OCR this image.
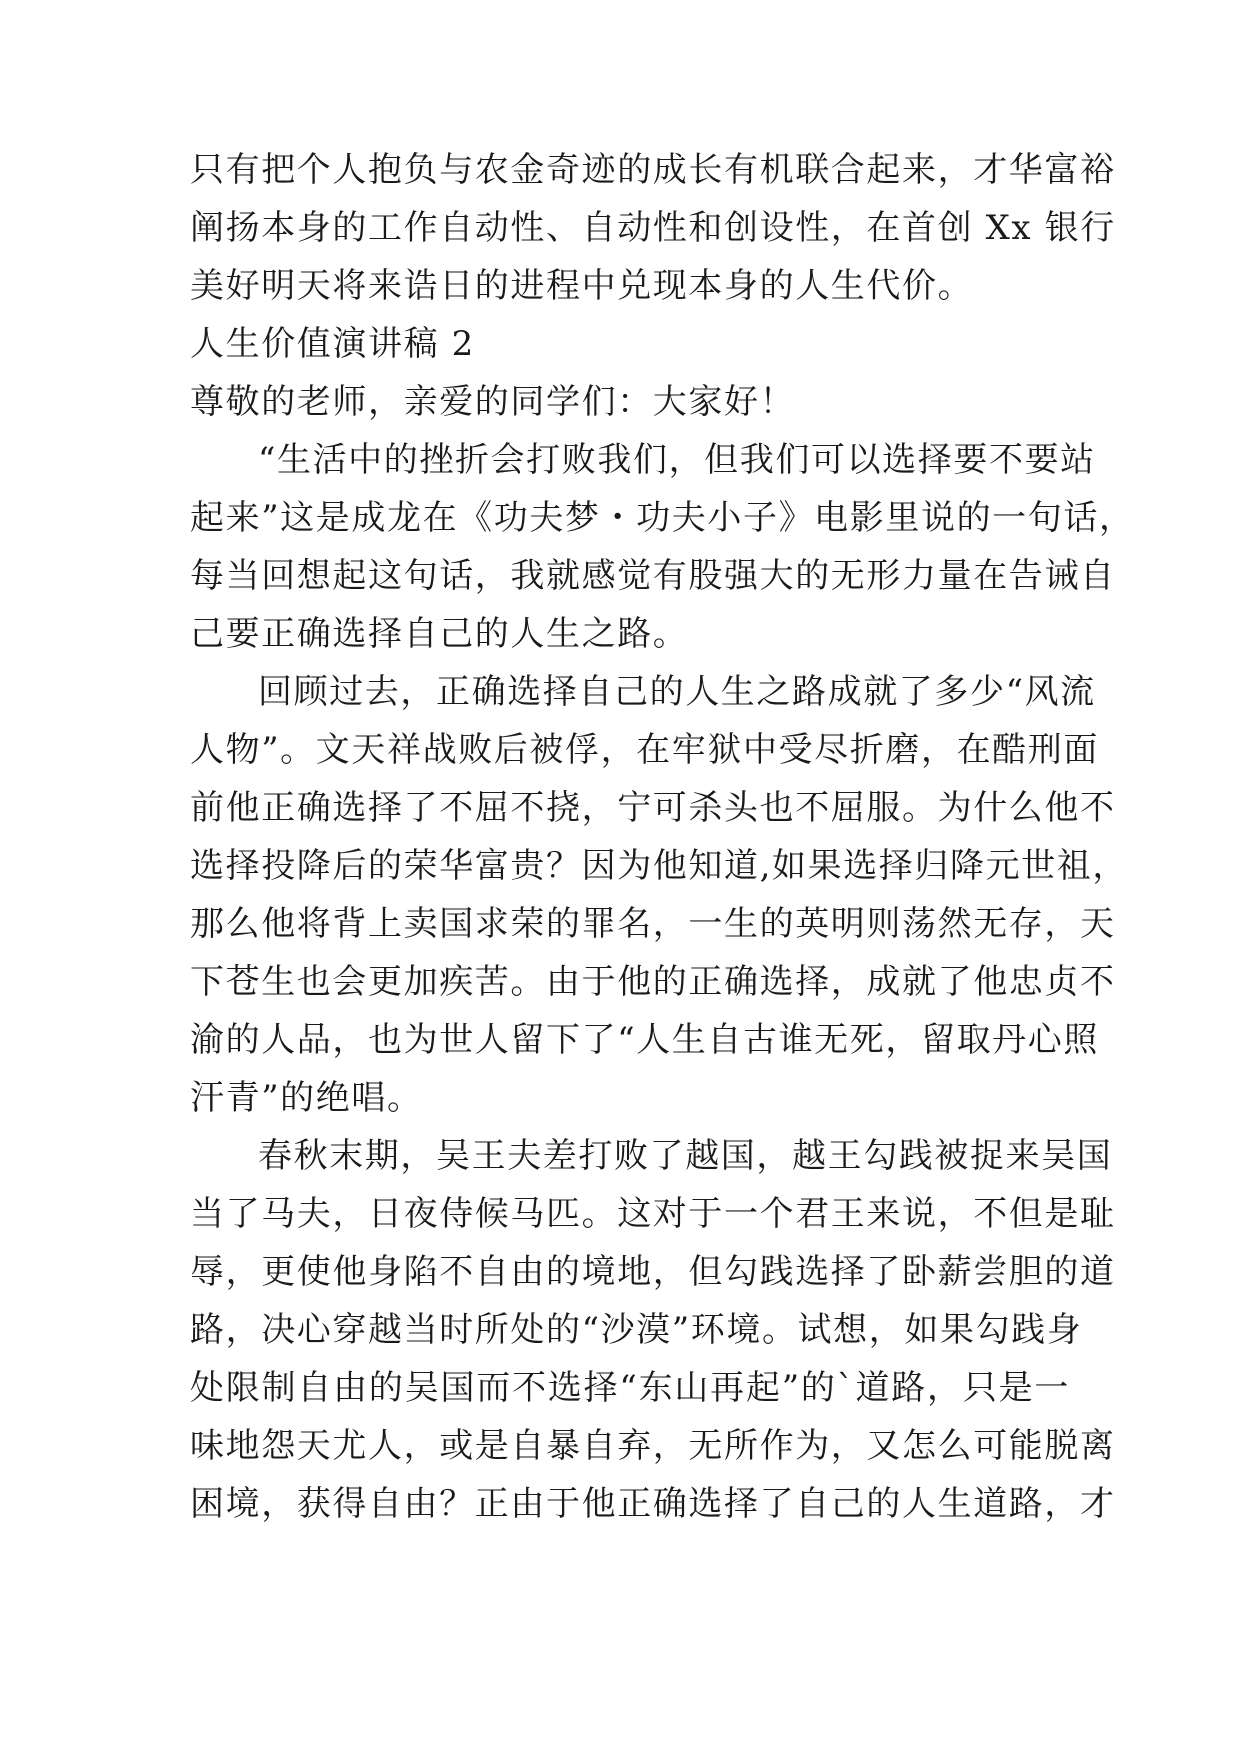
只有把个人抱负与农金奇迹的成长有机联合起来，才华富裕
阐扬本身的工作自动性、自动性和创设性，在首创 Xx 银行
美好明天将来诰日的进程中兑现本身的人生代价。
人生价值演讲稿 2
尊敬的老师，亲爱的同学们：大家好！
“生活中的挫折会打败我们，但我们可以选择要不要站
起来”这是成龙在《功夫梦・功夫小子》电影里说的一句话，
每当回想起这句话，我就感觉有股强大的无形力量在告诫自
己要正确选择自己的人生之路。
回顾过去，正确选择自己的人生之路成就了多少“风流
人物”。文天祥战败后被俘，在牢狱中受尽折磨，在酷刑面
前他正确选择了不屈不挠，宁可杀头也不屈服。为什么他不
选择投降后的荣华富贵？因为他知道,如果选择归降元世祖，
那么他将背上卖国求荣的罪名，一生的英明则荡然无存，天
下苍生也会更加疾苦。由于他的正确选择，成就了他忠贞不
渝的人品，也为世人留下了“人生自古谁无死，留取丹心照
汗青”的绝唱。
春秋末期，吴王夫差打败了越国，越王勾践被捉来吴国
当了马夫，日夜侍候马匹。这对于一个君王来说，不但是耻
辱，更使他身陷不自由的境地，但勾践选择了卧薪尝胆的道
路，决心穿越当时所处的“沙漠”环境。试想，如果勾践身
处限制自由的吴国而不选择“东山再起”的`道路，只是一
味地怨天尤人，或是自暴自弃，无所作为，又怎么可能脱离
困境，获得自由？正由于他正确选择了自己的人生道路，才
